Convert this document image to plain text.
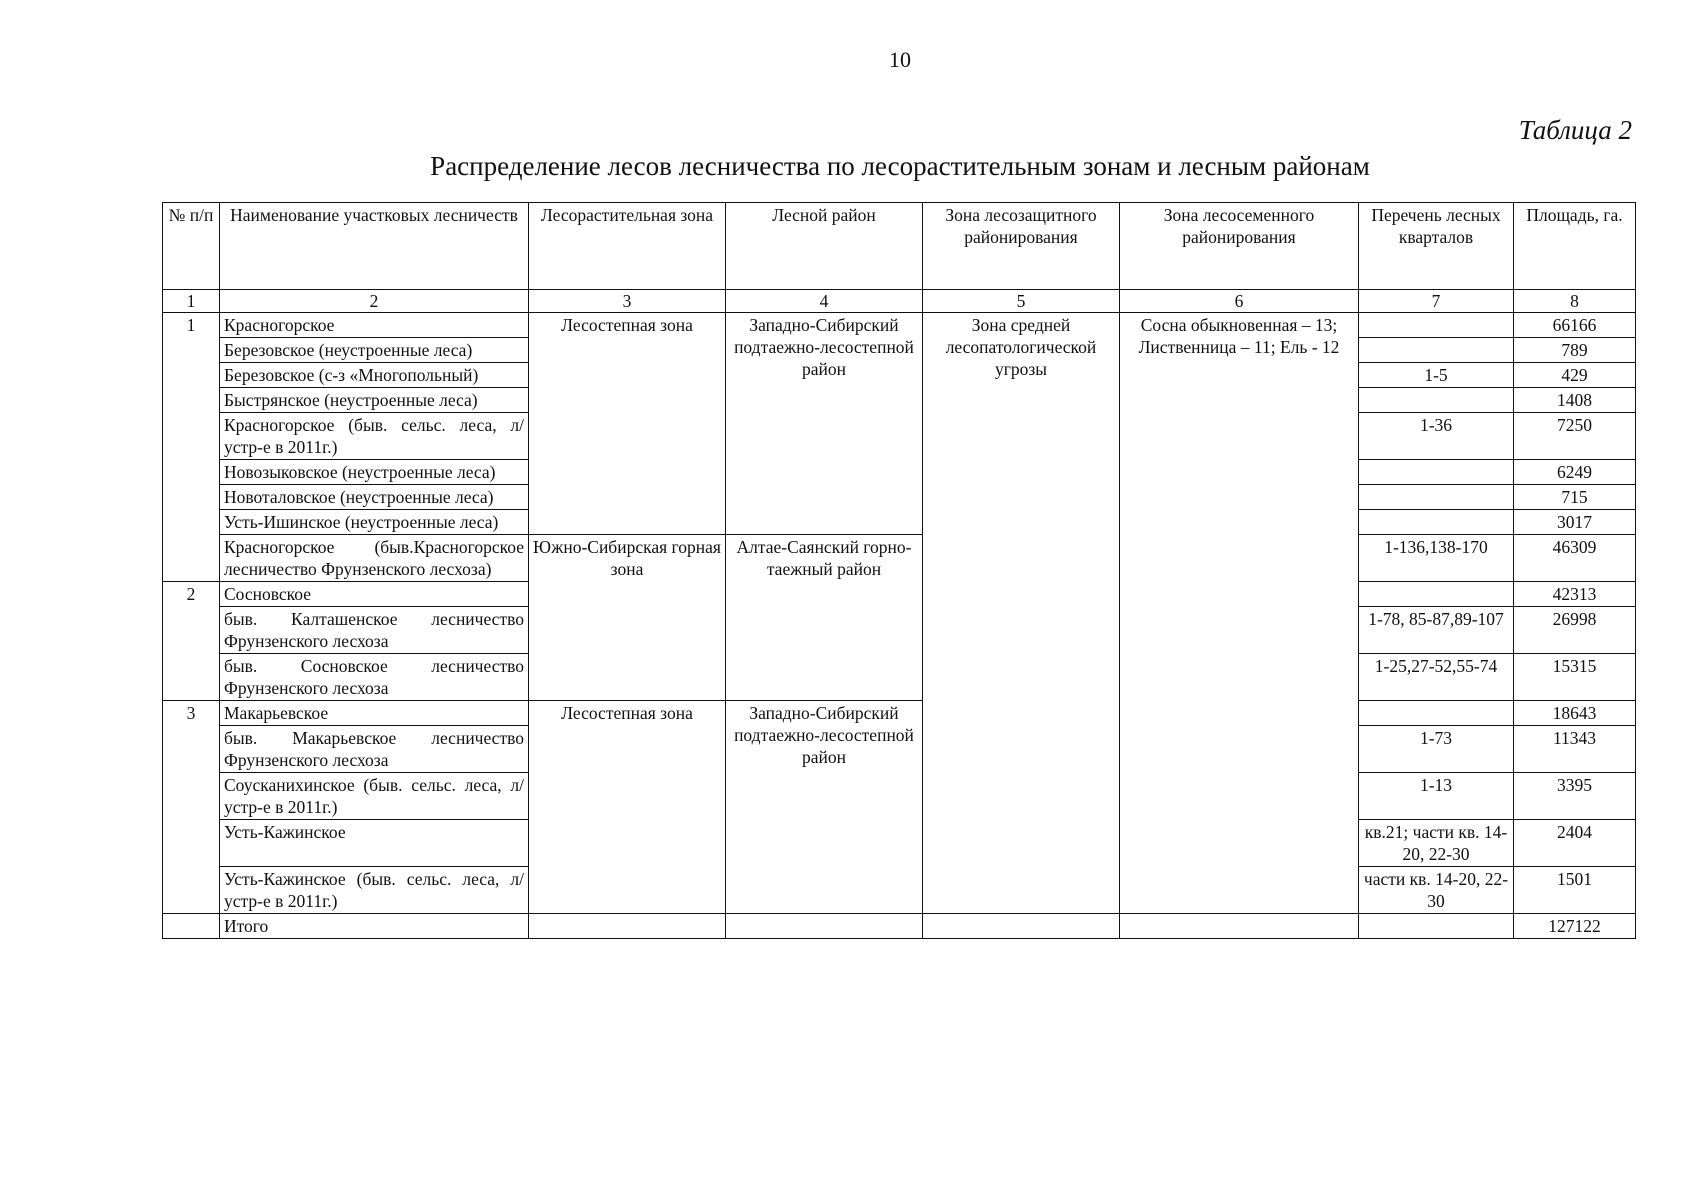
10
Таблица 2
Распределение лесов лесничества по лесорастительным зонам и лесным районам
№ п/п	Наименование участковых лесничеств	Лесорастительная зона	Лесной район	Зона лесозащитного районирования	Зона лесосеменного районирования	Перечень лесных кварталов	Площадь, га.
1	2	3	4	5	6	7	8
1	Красногорское	Лесостепная зона	Западно-Сибирский подтаежно-лесостепной район	Зона средней лесопатологической угрозы	Сосна обыкновенная – 13; Лиственница – 11; Ель - 12		66166
	Березовское (неустроенные леса)						789
	Березовское (с-з «Многопольный)					1-5	429
	Быстрянское (неустроенные леса)						1408
	Красногорское (быв. сельс. леса, л/устр-е в 2011г.)					1-36	7250
	Новозыковское (неустроенные леса)						6249
	Новоталовское (неустроенные леса)						715
	Усть-Ишинское (неустроенные леса)						3017
	Красногорское (быв.Красногорское лесничество Фрунзенского лесхоза)	Южно-Сибирская горная зона	Алтае-Саянский горно-таежный район			1-136,138-170	46309
2	Сосновское						42313
	быв. Калташенское лесничество Фрунзенского лесхоза					1-78, 85-87,89-107	26998
	быв. Сосновское лесничество Фрунзенского лесхоза					1-25,27-52,55-74	15315
3	Макарьевское	Лесостепная зона	Западно-Сибирский подтаежно-лесостепной район				18643
	быв. Макарьевское лесничество Фрунзенского лесхоза					1-73	11343
	Соусканихинское (быв. сельс. леса, л/устр-е в 2011г.)					1-13	3395
	Усть-Кажинское					кв.21; части кв. 14-20, 22-30	2404
	Усть-Кажинское (быв. сельс. леса, л/устр-е в 2011г.)					части кв. 14-20, 22-30	1501
	Итого						127122
